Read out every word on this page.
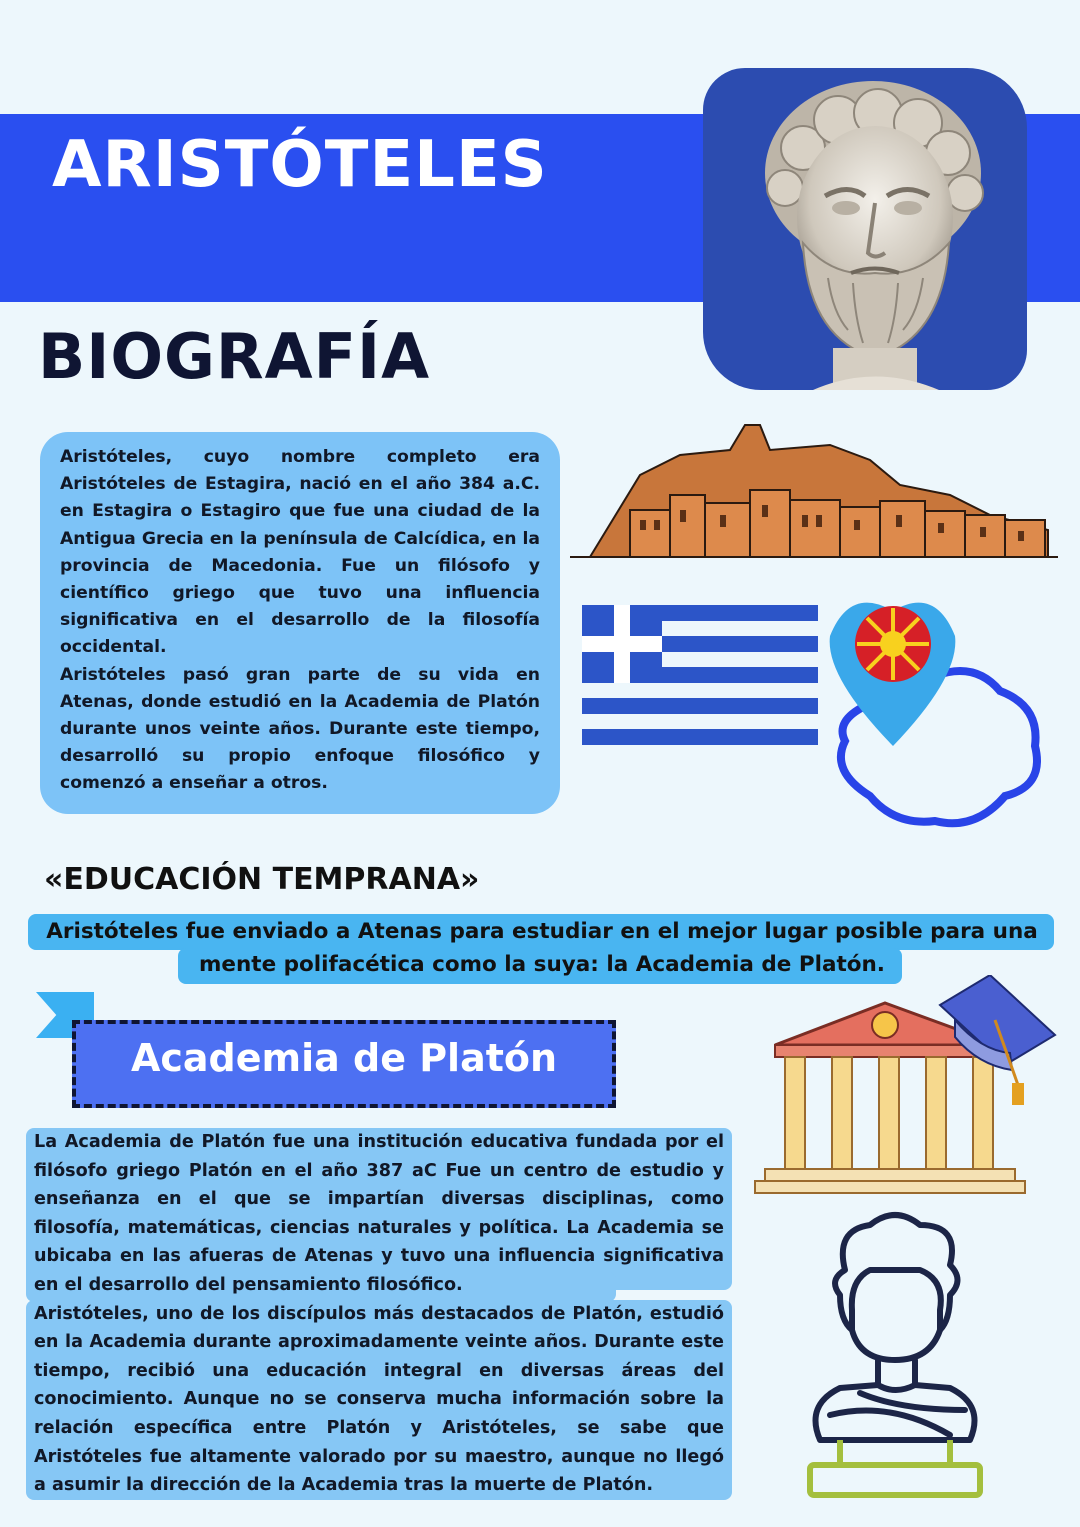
ARISTÓTELES
BIOGRAFÍA

Aristóteles, cuyo nombre completo era Aristóteles de Estagira, nació en el año 384 a.C. en Estagira o Estagiro que fue una ciudad de la Antigua Grecia en la península de Calcídica, en la provincia de Macedonia. Fue un filósofo y científico griego que tuvo una influencia significativa en el desarrollo de la filosofía occidental.

Aristóteles pasó gran parte de su vida en Atenas, donde estudió en la Academia de Platón durante unos veinte años. Durante este tiempo, desarrolló su propio enfoque filosófico y comenzó a enseñar a otros.

«EDUCACIÓN TEMPRANA»
Aristóteles fue enviado a Atenas para estudiar en el mejor lugar posible para una
mente polifacética como la suya: la Academia de Platón.
Academia de Platón

La Academia de Platón fue una institución educativa fundada por el filósofo griego Platón en el año 387 aC Fue un centro de estudio y enseñanza en el que se impartían diversas disciplinas, como filosofía, matemáticas, ciencias naturales y política. La Academia se ubicaba en las afueras de Atenas y tuvo una influencia significativa en el desarrollo del pensamiento filosófico.

Aristóteles, uno de los discípulos más destacados de Platón, estudió en la Academia durante aproximadamente veinte años. Durante este tiempo, recibió una educación integral en diversas áreas del conocimiento. Aunque no se conserva mucha información sobre la relación específica entre Platón y Aristóteles, se sabe que Aristóteles fue altamente valorado por su maestro, aunque no llegó a asumir la dirección de la Academia tras la muerte de Platón.
